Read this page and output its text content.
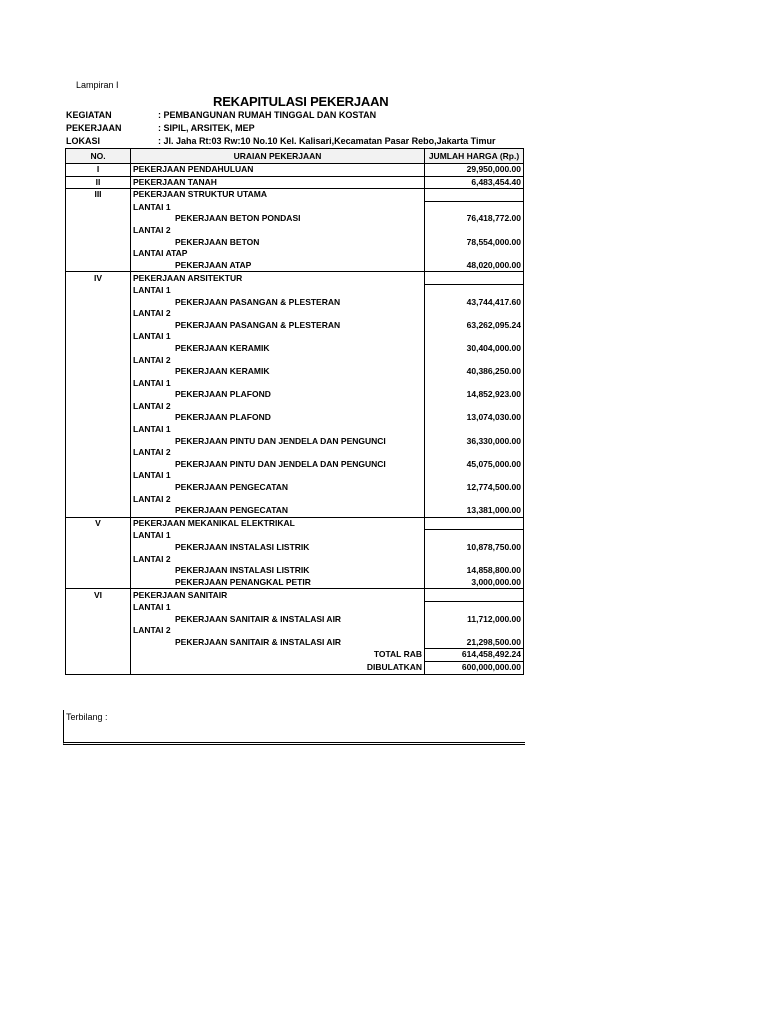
Lampiran I
REKAPITULASI PEKERJAAN
KEGIATAN	: PEMBANGUNAN RUMAH TINGGAL DAN KOSTAN
PEKERJAAN	: SIPIL, ARSITEK, MEP
LOKASI	: Jl. Jaha Rt:03 Rw:10 No.10 Kel. Kalisari,Kecamatan Pasar Rebo,Jakarta Timur
NO.	URAIAN PEKERJAAN	JUMLAH HARGA (Rp.)
I	PEKERJAAN PENDAHULUAN	29,950,000.00
II	PEKERJAAN TANAH	6,483,454.40
III	PEKERJAAN STRUKTUR UTAMA	
	LANTAI 1	
	PEKERJAAN BETON PONDASI	76,418,772.00
	LANTAI 2	
	PEKERJAAN BETON	78,554,000.00
	LANTAI ATAP	
	PEKERJAAN ATAP	48,020,000.00
IV	PEKERJAAN ARSITEKTUR	
	LANTAI 1	
	PEKERJAAN PASANGAN & PLESTERAN	43,744,417.60
	LANTAI 2	
	PEKERJAAN PASANGAN & PLESTERAN	63,262,095.24
	LANTAI 1	
	PEKERJAAN KERAMIK	30,404,000.00
	LANTAI 2	
	PEKERJAAN KERAMIK	40,386,250.00
	LANTAI 1	
	PEKERJAAN PLAFOND	14,852,923.00
	LANTAI 2	
	PEKERJAAN PLAFOND	13,074,030.00
	LANTAI 1	
	PEKERJAAN PINTU DAN JENDELA DAN PENGUNCI	36,330,000.00
	LANTAI 2	
	PEKERJAAN PINTU DAN JENDELA DAN PENGUNCI	45,075,000.00
	LANTAI 1	
	PEKERJAAN PENGECATAN	12,774,500.00
	LANTAI 2	
	PEKERJAAN PENGECATAN	13,381,000.00
V	PEKERJAAN MEKANIKAL ELEKTRIKAL	
	LANTAI 1	
	PEKERJAAN INSTALASI LISTRIK	10,878,750.00
	LANTAI 2	
	PEKERJAAN INSTALASI LISTRIK	14,858,800.00
	PEKERJAAN PENANGKAL PETIR	3,000,000.00
VI	PEKERJAAN SANITAIR	
	LANTAI 1	
	PEKERJAAN SANITAIR & INSTALASI AIR	11,712,000.00
	LANTAI 2	
	PEKERJAAN SANITAIR & INSTALASI AIR	21,298,500.00
	TOTAL RAB	614,458,492.24
	DIBULATKAN	600,000,000.00
Terbilang :
